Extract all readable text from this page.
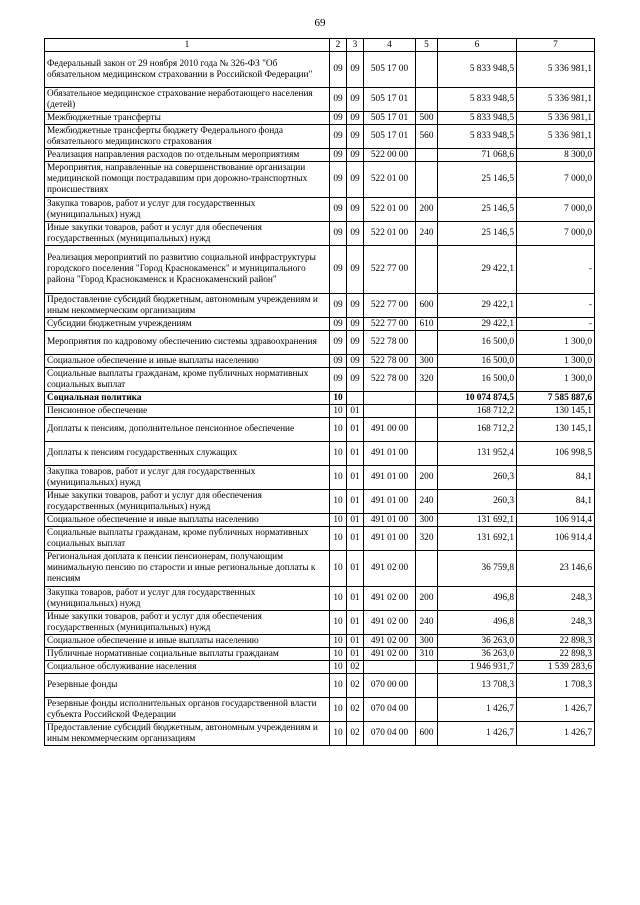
69
1	2	3	4	5	6	7
Федеральный закон от 29 ноября 2010 года № 326-ФЗ "Об обязательном медицинском страховании в Российской Федерации"	09	09	505 17 00		5 833 948,5	5 336 981,1
Обязательное медицинское страхование неработающего населения (детей)	09	09	505 17 01		5 833 948,5	5 336 981,1
Межбюджетные трансферты	09	09	505 17 01	500	5 833 948,5	5 336 981,1
Межбюджетные трансферты бюджету Федерального фонда обязательного медицинского страхования	09	09	505 17 01	560	5 833 948,5	5 336 981,1
Реализация направления расходов по отдельным мероприятиям	09	09	522 00 00		71 068,6	8 300,0
Мероприятия, направленные на совершенствование организации медицинской помощи пострадавшим при дорожно-транспортных происшествиях	09	09	522 01 00		25 146,5	7 000,0
Закупка товаров, работ и услуг для государственных (муниципальных) нужд	09	09	522 01 00	200	25 146,5	7 000,0
Иные закупки товаров, работ и услуг для обеспечения государственных (муниципальных) нужд	09	09	522 01 00	240	25 146,5	7 000,0
Реализация мероприятий по развитию социальной инфраструктуры городского поселения "Город Краснокаменск" и муниципального района "Город Краснокаменск и Краснокаменский район"	09	09	522 77 00		29 422,1	-
Предоставление субсидий бюджетным, автономным учреждениям и иным некоммерческим организациям	09	09	522 77 00	600	29 422,1	-
Субсидии бюджетным учреждениям	09	09	522 77 00	610	29 422,1	-
Мероприятия по кадровому обеспечению системы здравоохранения	09	09	522 78 00		16 500,0	1 300,0
Социальное обеспечение и иные выплаты населению	09	09	522 78 00	300	16 500,0	1 300,0
Социальные выплаты гражданам, кроме публичных нормативных социальных выплат	09	09	522 78 00	320	16 500,0	1 300,0
Социальная политика	10				10 074 874,5	7 585 887,6
Пенсионное обеспечение	10	01			168 712,2	130 145,1
Доплаты к пенсиям, дополнительное пенсионное обеспечение	10	01	491 00 00		168 712,2	130 145,1
Доплаты к пенсиям государственных служащих	10	01	491 01 00		131 952,4	106 998,5
Закупка товаров, работ и услуг для государственных (муниципальных) нужд	10	01	491 01 00	200	260,3	84,1
Иные закупки товаров, работ и услуг для обеспечения государственных (муниципальных) нужд	10	01	491 01 00	240	260,3	84,1
Социальное обеспечение и иные выплаты населению	10	01	491 01 00	300	131 692,1	106 914,4
Социальные выплаты гражданам, кроме публичных нормативных социальных выплат	10	01	491 01 00	320	131 692,1	106 914,4
Региональная доплата к пенсии пенсионерам, получающим минимальную пенсию по старости и иные региональные доплаты к пенсиям	10	01	491 02 00		36 759,8	23 146,6
Закупка товаров, работ и услуг для государственных (муниципальных) нужд	10	01	491 02 00	200	496,8	248,3
Иные закупки товаров, работ и услуг для обеспечения государственных (муниципальных) нужд	10	01	491 02 00	240	496,8	248,3
Социальное обеспечение и иные выплаты населению	10	01	491 02 00	300	36 263,0	22 898,3
Публичные нормативные социальные выплаты гражданам	10	01	491 02 00	310	36 263,0	22 898,3
Социальное обслуживание населения	10	02			1 946 931,7	1 539 283,6
Резервные фонды	10	02	070 00 00		13 708,3	1 708,3
Резервные фонды исполнительных органов государственной власти субъекта Российской Федерации	10	02	070 04 00		1 426,7	1 426,7
Предоставление субсидий бюджетным, автономным учреждениям и иным некоммерческим организациям	10	02	070 04 00	600	1 426,7	1 426,7
